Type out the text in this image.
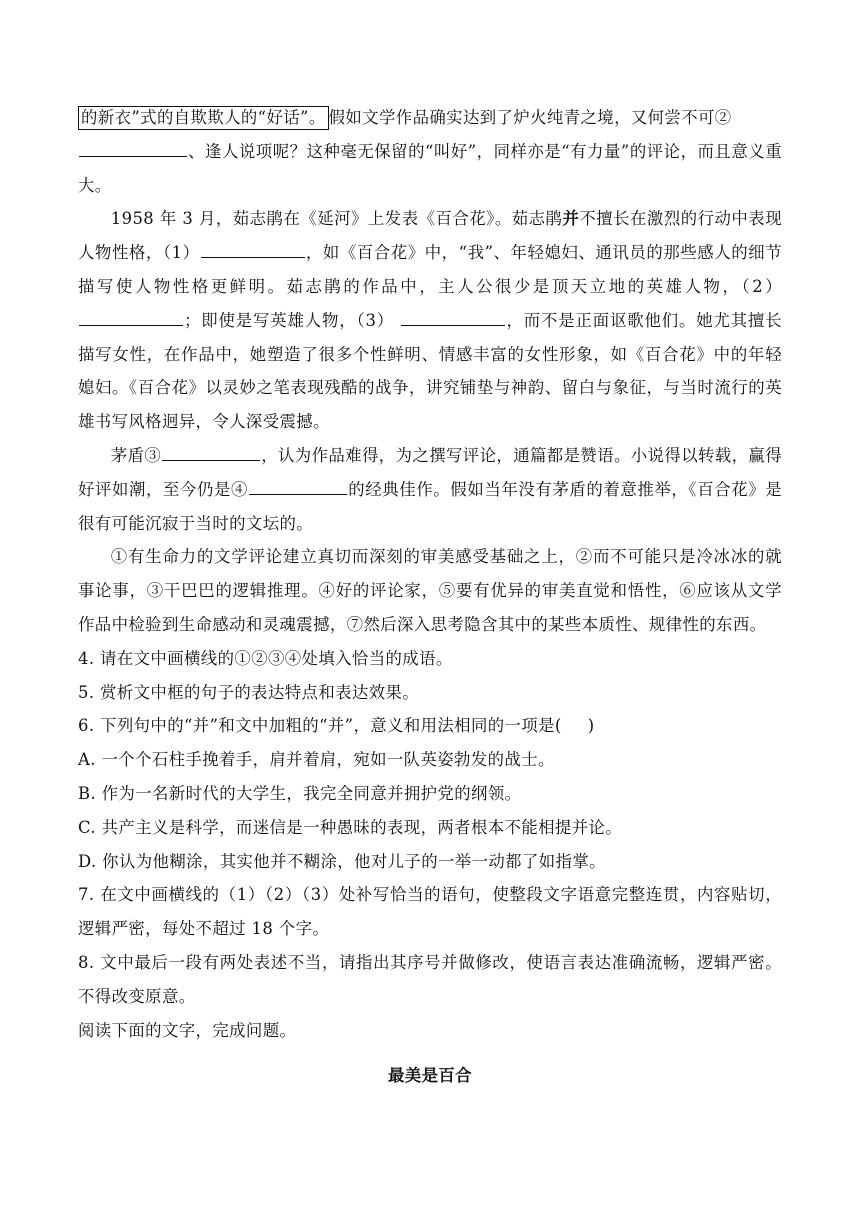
的新衣”式的自欺欺人的“好话”。 假如文学作品确实达到了炉火纯青之境，又何尝不可②
、逢人说项呢？这种毫无保留的“叫好”，同样亦是“有力量”的评论，而且意义重大。

1958 年 3 月，茹志鹃在《延河》上发表《百合花》。茹志鹃并不擅长在激烈的行动中表现人物性格，（1）	，如《百合花》中，“我”、年轻媳妇、通讯员的那些感人的细节描写使人物性格更鲜明。茹志鹃的作品中，主人公很少是顶天立地的英雄人物，（2）；即使是写英雄人物，（3）	，而不是正面讴歌他们。她尤其擅长描写女性，在作品中，她塑造了很多个性鲜明、情感丰富的女性形象，如《百合花》中的年轻媳妇。《百合花》以灵妙之笔表现残酷的战争，讲究铺垫与神韵、留白与象征，与当时流行的英雄书写风格迥异，令人深受震撼。

茅盾③	，认为作品难得，为之撰写评论，通篇都是赞语。小说得以转载，赢得好评如潮，至今仍是④	的经典佳作。假如当年没有茅盾的着意推举，《百合花》是很有可能沉寂于当时的文坛的。

①有生命力的文学评论建立真切而深刻的审美感受基础之上，②而不可能只是冷冰冰的就事论事，③干巴巴的逻辑推理。④好的评论家，⑤要有优异的审美直觉和悟性，⑥应该从文学作品中检验到生命感动和灵魂震撼，⑦然后深入思考隐含其中的某些本质性、规律性的东西。

4. 请在文中画横线的①②③④处填入恰当的成语。

5. 赏析文中框的句子的表达特点和表达效果。

6. 下列句中的“并”和文中加粗的“并”，意义和用法相同的一项是( )

A. 一个个石柱手挽着手，肩并着肩，宛如一队英姿勃发的战士。

B. 作为一名新时代的大学生，我完全同意并拥护党的纲领。

C. 共产主义是科学，而迷信是一种愚昧的表现，两者根本不能相提并论。

D. 你认为他糊涂，其实他并不糊涂，他对儿子的一举一动都了如指掌。

7. 在文中画横线的（1）（2）（3）处补写恰当的语句，使整段文字语意完整连贯，内容贴切，逻辑严密，每处不超过 18 个字。

8. 文中最后一段有两处表述不当，请指出其序号并做修改，使语言表达准确流畅，逻辑严密。不得改变原意。

阅读下面的文字，完成问题。

最美是百合
